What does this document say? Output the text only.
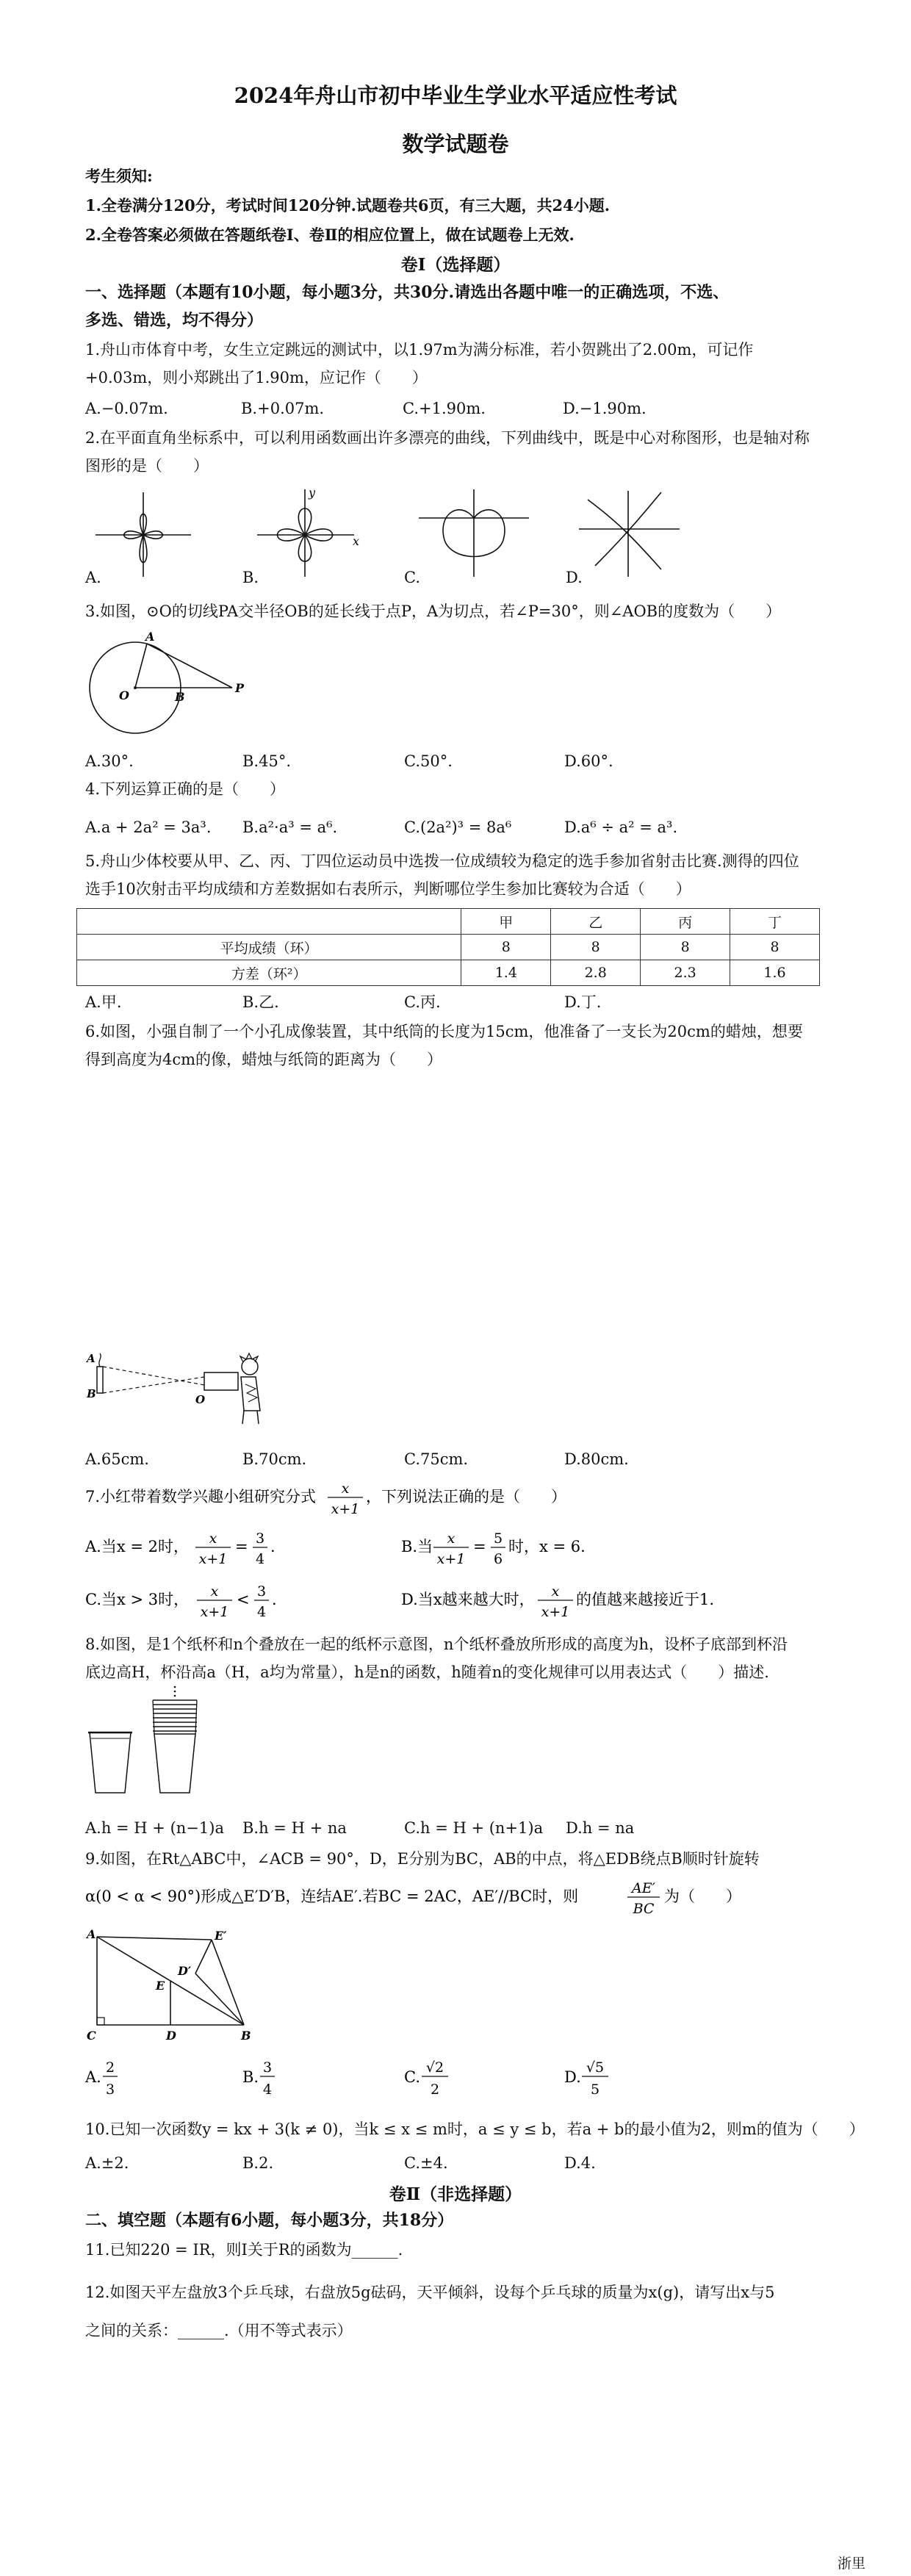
2024年舟山市初中毕业生学业水平适应性考试
数学试题卷
考生须知:
1.全卷满分120分，考试时间120分钟.试题卷共6页，有三大题，共24小题.
2.全卷答案必须做在答题纸卷Ⅰ、卷Ⅱ的相应位置上，做在试题卷上无效.
卷Ⅰ（选择题）
一、选择题（本题有10小题，每小题3分，共30分.请选出各题中唯一的正确选项，不选、
多选、错选，均不得分）
1.舟山市体育中考，女生立定跳远的测试中，以1.97m为满分标准，若小贺跳出了2.00m，可记作
+0.03m，则小郑跳出了1.90m，应记作（　　）
A.−0.07m.	B.+0.07m.	C.+1.90m.	D.−1.90m.
2.在平面直角坐标系中，可以利用函数画出许多漂亮的曲线，下列曲线中，既是中心对称图形，也是轴对称
图形的是（　　）
y
x
A.	B.	C.	D.
3.如图，⊙O的切线PA交半径OB的延长线于点P，A为切点，若∠P=30°，则∠AOB的度数为（　　）
A
O	B
P
A.30°.	B.45°.	C.50°.	D.60°.
4.下列运算正确的是（　　）
A.a + 2a² = 3a³. B.a²·a³ = a⁶.	C.(2a²)³ = 8a⁶	D.a⁶ ÷ a² = a³.
5.舟山少体校要从甲、乙、丙、丁四位运动员中选拨一位成绩较为稳定的选手参加省射击比赛.测得的四位
选手10次射击平均成绩和方差数据如右表所示，判断哪位学生参加比赛较为合适（　　）
	甲	乙	丙	丁
平均成绩（环）	8	8	8	8
方差（环²）	1.4	2.8	2.3	1.6
A.甲.	B.乙.	C.丙.	D.丁.
6.如图，小强自制了一个小孔成像装置，其中纸筒的长度为15cm，他准备了一支长为20cm的蜡烛，想要
得到高度为4cm的像，蜡烛与纸筒的距离为（　　）
A
B	O
A.65cm.	B.70cm.	C.75cm.	D.80cm.
7.小红带着数学兴趣小组研究分式 x
x+1
，下列说法正确的是（　　）
A.当x = 2时， x
x+1
= 3
4
.	B.当 x
x+1
= 5
6
时，x = 6.
C.当x > 3时， x
x+1
< 3
4
.	D.当x越来越大时， x
x+1
的值越来越接近于1.
8.如图，是1个纸杯和n个叠放在一起的纸杯示意图，n个纸杯叠放所形成的高度为h，设杯子底部到杯沿
底边高H，杯沿高a（H，a均为常量），h是n的函数，h随着n的变化规律可以用表达式（　　）描述.
A.h = H + (n−1)a B.h = H + na	C.h = H + (n+1)a D.h = na
9.如图，在Rt△ABC中，∠ACB = 90°，D，E分别为BC，AB的中点，将△EDB绕点B顺时针旋转
α(0 < α < 90°)形成△E′D′B，连结AE′.若BC = 2AC，AE′//BC时，则	AE′
BC
为（　　）
A	E′
D′
E
C	D	B
A.
2
3
B.
3
4
C.
√2
2
D.
√5
5
10.已知一次函数y = kx + 3(k ≠ 0)，当k ≤ x ≤ m时，a ≤ y ≤ b，若a + b的最小值为2，则m的值为（　　）
A.±2.	B.2.	C.±4.	D.4.
卷Ⅱ（非选择题）
二、填空题（本题有6小题，每小题3分，共18分）
11.已知220 = IR，则I关于R的函数为______.
12.如图天平左盘放3个乒乓球，右盘放5g砝码，天平倾斜，设每个乒乓球的质量为x(g)，请写出x与5
之间的关系：______.（用不等式表示）
浙里
